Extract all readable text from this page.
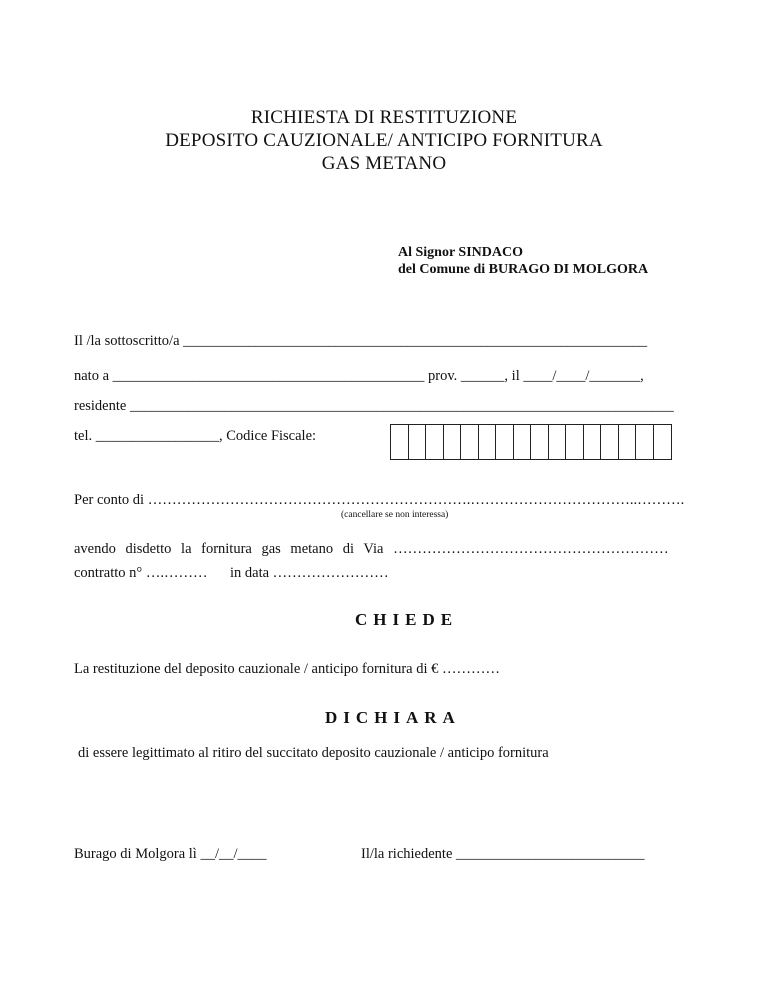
RICHIESTA DI RESTITUZIONE
DEPOSITO CAUZIONALE/ ANTICIPO FORNITURA
GAS METANO
Al Signor SINDACO
del Comune di BURAGO DI MOLGORA
Il /la sottoscritto/a ________________________________________________________________
nato a ___________________________________________ prov. ______, il ____/____/_______,
residente ___________________________________________________________________________
tel. _________________, Codice Fiscale:
Per conto di ………………………………………………………….……………………………..……….
(cancellare se non interessa)
avendo disdetto la fornitura gas metano di Via …………………………………………………
contratto n° ….……… in data ……………………
CHIEDE
La restituzione del deposito cauzionale / anticipo fornitura di € …………
DICHIARA
di essere legittimato al ritiro del succitato deposito cauzionale / anticipo fornitura
Burago di Molgora lì __/__/____	Il/la richiedente __________________________
